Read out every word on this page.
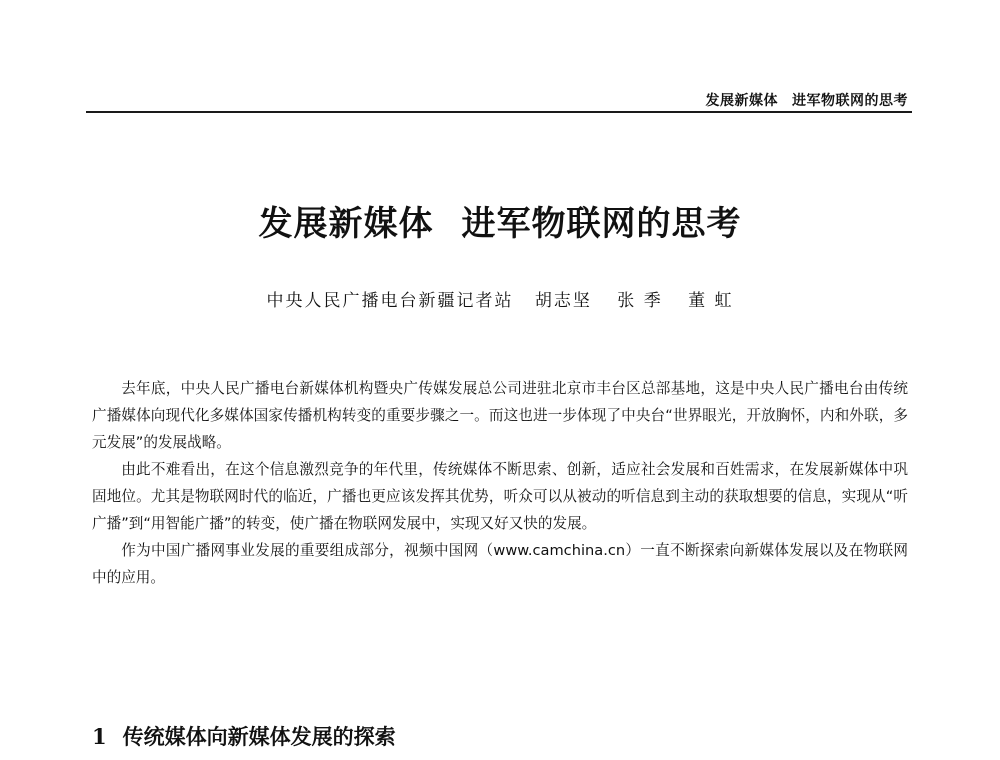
发展新媒体 进军物联网的思考
发展新媒体 进军物联网的思考
中央人民广播电台新疆记者站 胡志坚 张 季 董 虹

去年底，中央人民广播电台新媒体机构暨央广传媒发展总公司进驻北京市丰台区总部基地，这是中央人民广播电台由传统广播媒体向现代化多媒体国家传播机构转变的重要步骤之一。而这也进一步体现了中央台“世界眼光，开放胸怀，内和外联，多元发展”的发展战略。

由此不难看出，在这个信息激烈竞争的年代里，传统媒体不断思索、创新，适应社会发展和百姓需求，在发展新媒体中巩固地位。尤其是物联网时代的临近，广播也更应该发挥其优势，听众可以从被动的听信息到主动的获取想要的信息，实现从“听广播”到“用智能广播”的转变，使广播在物联网发展中，实现又好又快的发展。

作为中国广播网事业发展的重要组成部分，视频中国网（www.camchina.cn）一直不断探索向新媒体发展以及在物联网中的应用。

1 传统媒体向新媒体发展的探索
